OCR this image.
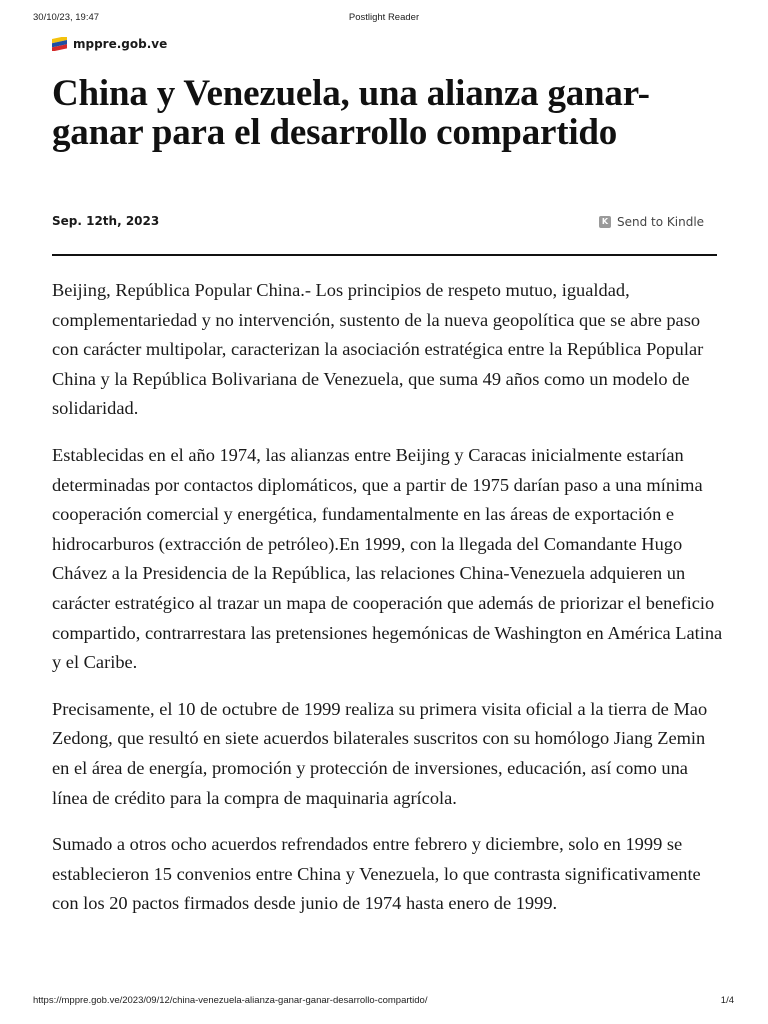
30/10/23, 19:47	Postlight Reader
mppre.gob.ve
China y Venezuela, una alianza ganar-ganar para el desarrollo compartido
Sep. 12th, 2023	K Send to Kindle

Beijing, República Popular China.- Los principios de respeto mutuo, igualdad, complementariedad y no intervención, sustento de la nueva geopolítica que se abre paso con carácter multipolar, caracterizan la asociación estratégica entre la República Popular China y la República Bolivariana de Venezuela, que suma 49 años como un modelo de solidaridad.

Establecidas en el año 1974, las alianzas entre Beijing y Caracas inicialmente estarían determinadas por contactos diplomáticos, que a partir de 1975 darían paso a una mínima cooperación comercial y energética, fundamentalmente en las áreas de exportación e hidrocarburos (extracción de petróleo).En 1999, con la llegada del Comandante Hugo Chávez a la Presidencia de la República, las relaciones China-Venezuela adquieren un carácter estratégico al trazar un mapa de cooperación que además de priorizar el beneficio compartido, contrarrestara las pretensiones hegemónicas de Washington en América Latina y el Caribe.

Precisamente, el 10 de octubre de 1999 realiza su primera visita oficial a la tierra de Mao Zedong, que resultó en siete acuerdos bilaterales suscritos con su homólogo Jiang Zemin en el área de energía, promoción y protección de inversiones, educación, así como una línea de crédito para la compra de maquinaria agrícola.

Sumado a otros ocho acuerdos refrendados entre febrero y diciembre, solo en 1999 se establecieron 15 convenios entre China y Venezuela, lo que contrasta significativamente con los 20 pactos firmados desde junio de 1974 hasta enero de 1999.

https://mppre.gob.ve/2023/09/12/china-venezuela-alianza-ganar-ganar-desarrollo-compartido/	1/4
